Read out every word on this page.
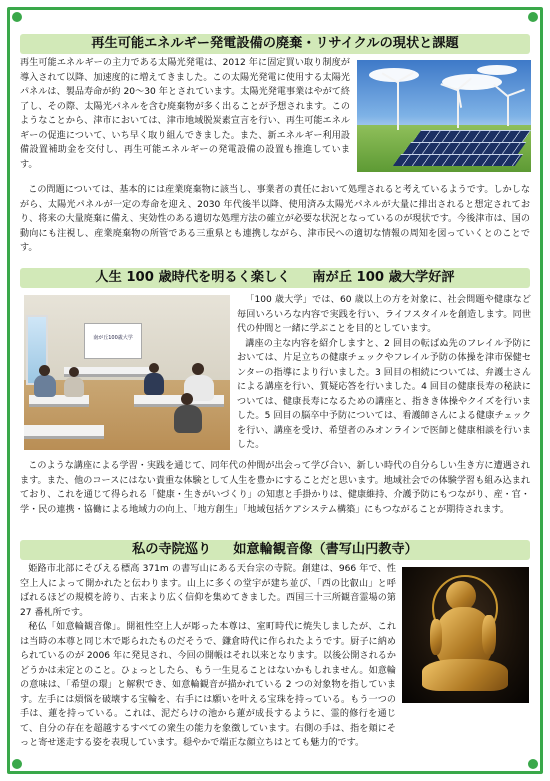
再生可能エネルギー発電設備の廃棄・リサイクルの現状と課題

再生可能エネルギーの主力である太陽光発電は、2012 年に固定買い取り制度が導入されて以降、加速度的に増えてきました。この太陽光発電に使用する太陽光パネルは、製品寿命が約 20〜30 年とされています。太陽光発電事業はやがて終了し、その際、太陽光パネルを含む廃棄物が多く出ることが予想されます。このようなことから、津市においては、津市地域脱炭素宣言を行い、再生可能エネルギーの促進について、いち早く取り組んできました。また、新エネルギー利用設備設置補助金を交付し、再生可能エネルギーの発電設備の設置も推進しています。

この問題については、基本的には産業廃棄物に該当し、事業者の責任において処理されると考えているようです。しかしながら、太陽光パネルが一定の寿命を迎え、2030 年代後半以降、使用済み太陽光パネルが大量に排出されると想定されており、将来の大量廃棄に備え、実効性のある適切な処理方法の確立が必要な状況となっているのが現状です。今後津市は、国の動向にも注視し、産業廃棄物の所管である三重県とも連携しながら、津市民への適切な情報の周知を図っていくとのことです。

人生 100 歳時代を明るく楽しく 南が丘 100 歳大学好評
南が丘100歳大学

「100 歳大学」では、60 歳以上の方を対象に、社会問題や健康など毎回いろいろな内容で実践を行い、ライフスタイルを創造します。同世代の仲間と一緒に学ぶことを目的としています。

講座の主な内容を紹介しますと、2 回目の転ばぬ先のフレイル予防においては、片足立ちの健康チェックやフレイル予防の体操を津市保健センターの指導により行いました。3 回目の相続については、弁護士さんによる講座を行い、質疑応答を行いました。4 回目の健康長寿の秘訣については、健康長寿になるための講座と、指きき体操やクイズを行いました。5 回目の脳卒中予防については、看護師さんによる健康チェックを行い、講座を受け、希望者のみオンラインで医師と健康相談を行いました。

このような講座による学習・実践を通じて、同年代の仲間が出会って学び合い、新しい時代の自分らしい生き方に遭遇されます。また、他のコースにはない貴重な体験として人生を豊かにすることだと思います。地域社会での体験学習も組み込まれており、これを通じて得られる「健康・生きがいづくり」の知恵と手掛かりは、健康維持、介護予防にもつながり、産・官・学・民の連携・協働による地域力の向上、「地方創生」「地域包括ケアシステム構築」にもつながることが期待されます。

私の寺院巡り 如意輪観音像（書写山円教寺）

姫路市北部にそびえる標高 371m の書写山にある天台宗の寺院。創建は、966 年で、性空上人によって開かれたと伝わります。山上に多くの堂宇が建ち並び、「西の比叡山」と呼ばれるほどの規模を誇り、古来より広く信仰を集めてきました。西国三十三所観音霊場の第 27 番札所です。

秘仏「如意輪観音像」。開祖性空上人が彫った本尊は、室町時代に焼失しましたが、これは当時の本尊と同じ木で彫られたものだそうで、鎌倉時代に作られたようです。厨子に納められているのが 2006 年に発見され、今回の開帳はそれ以来となります。以後公開されるかどうかは未定とのこと。ひょっとしたら、もう一生見ることはないかもしれません。如意輪の意味は、「希望の環」と解釈でき、如意輪観音が描かれている 2 つの対象物を指しています。左手には煩悩を破壊する宝輪を、右手には願いを叶える宝珠を持っている。もう一つの手は、蓮を持っている。これは、泥だらけの池から蓮が成長するように、霊的修行を通じて、自分の存在を超越するすべての衆生の能力を象徴しています。右側の手は、指を頬にそっと寄せ迷走する姿を表現しています。穏やかで端正な顔立ちはとても魅力的です。
